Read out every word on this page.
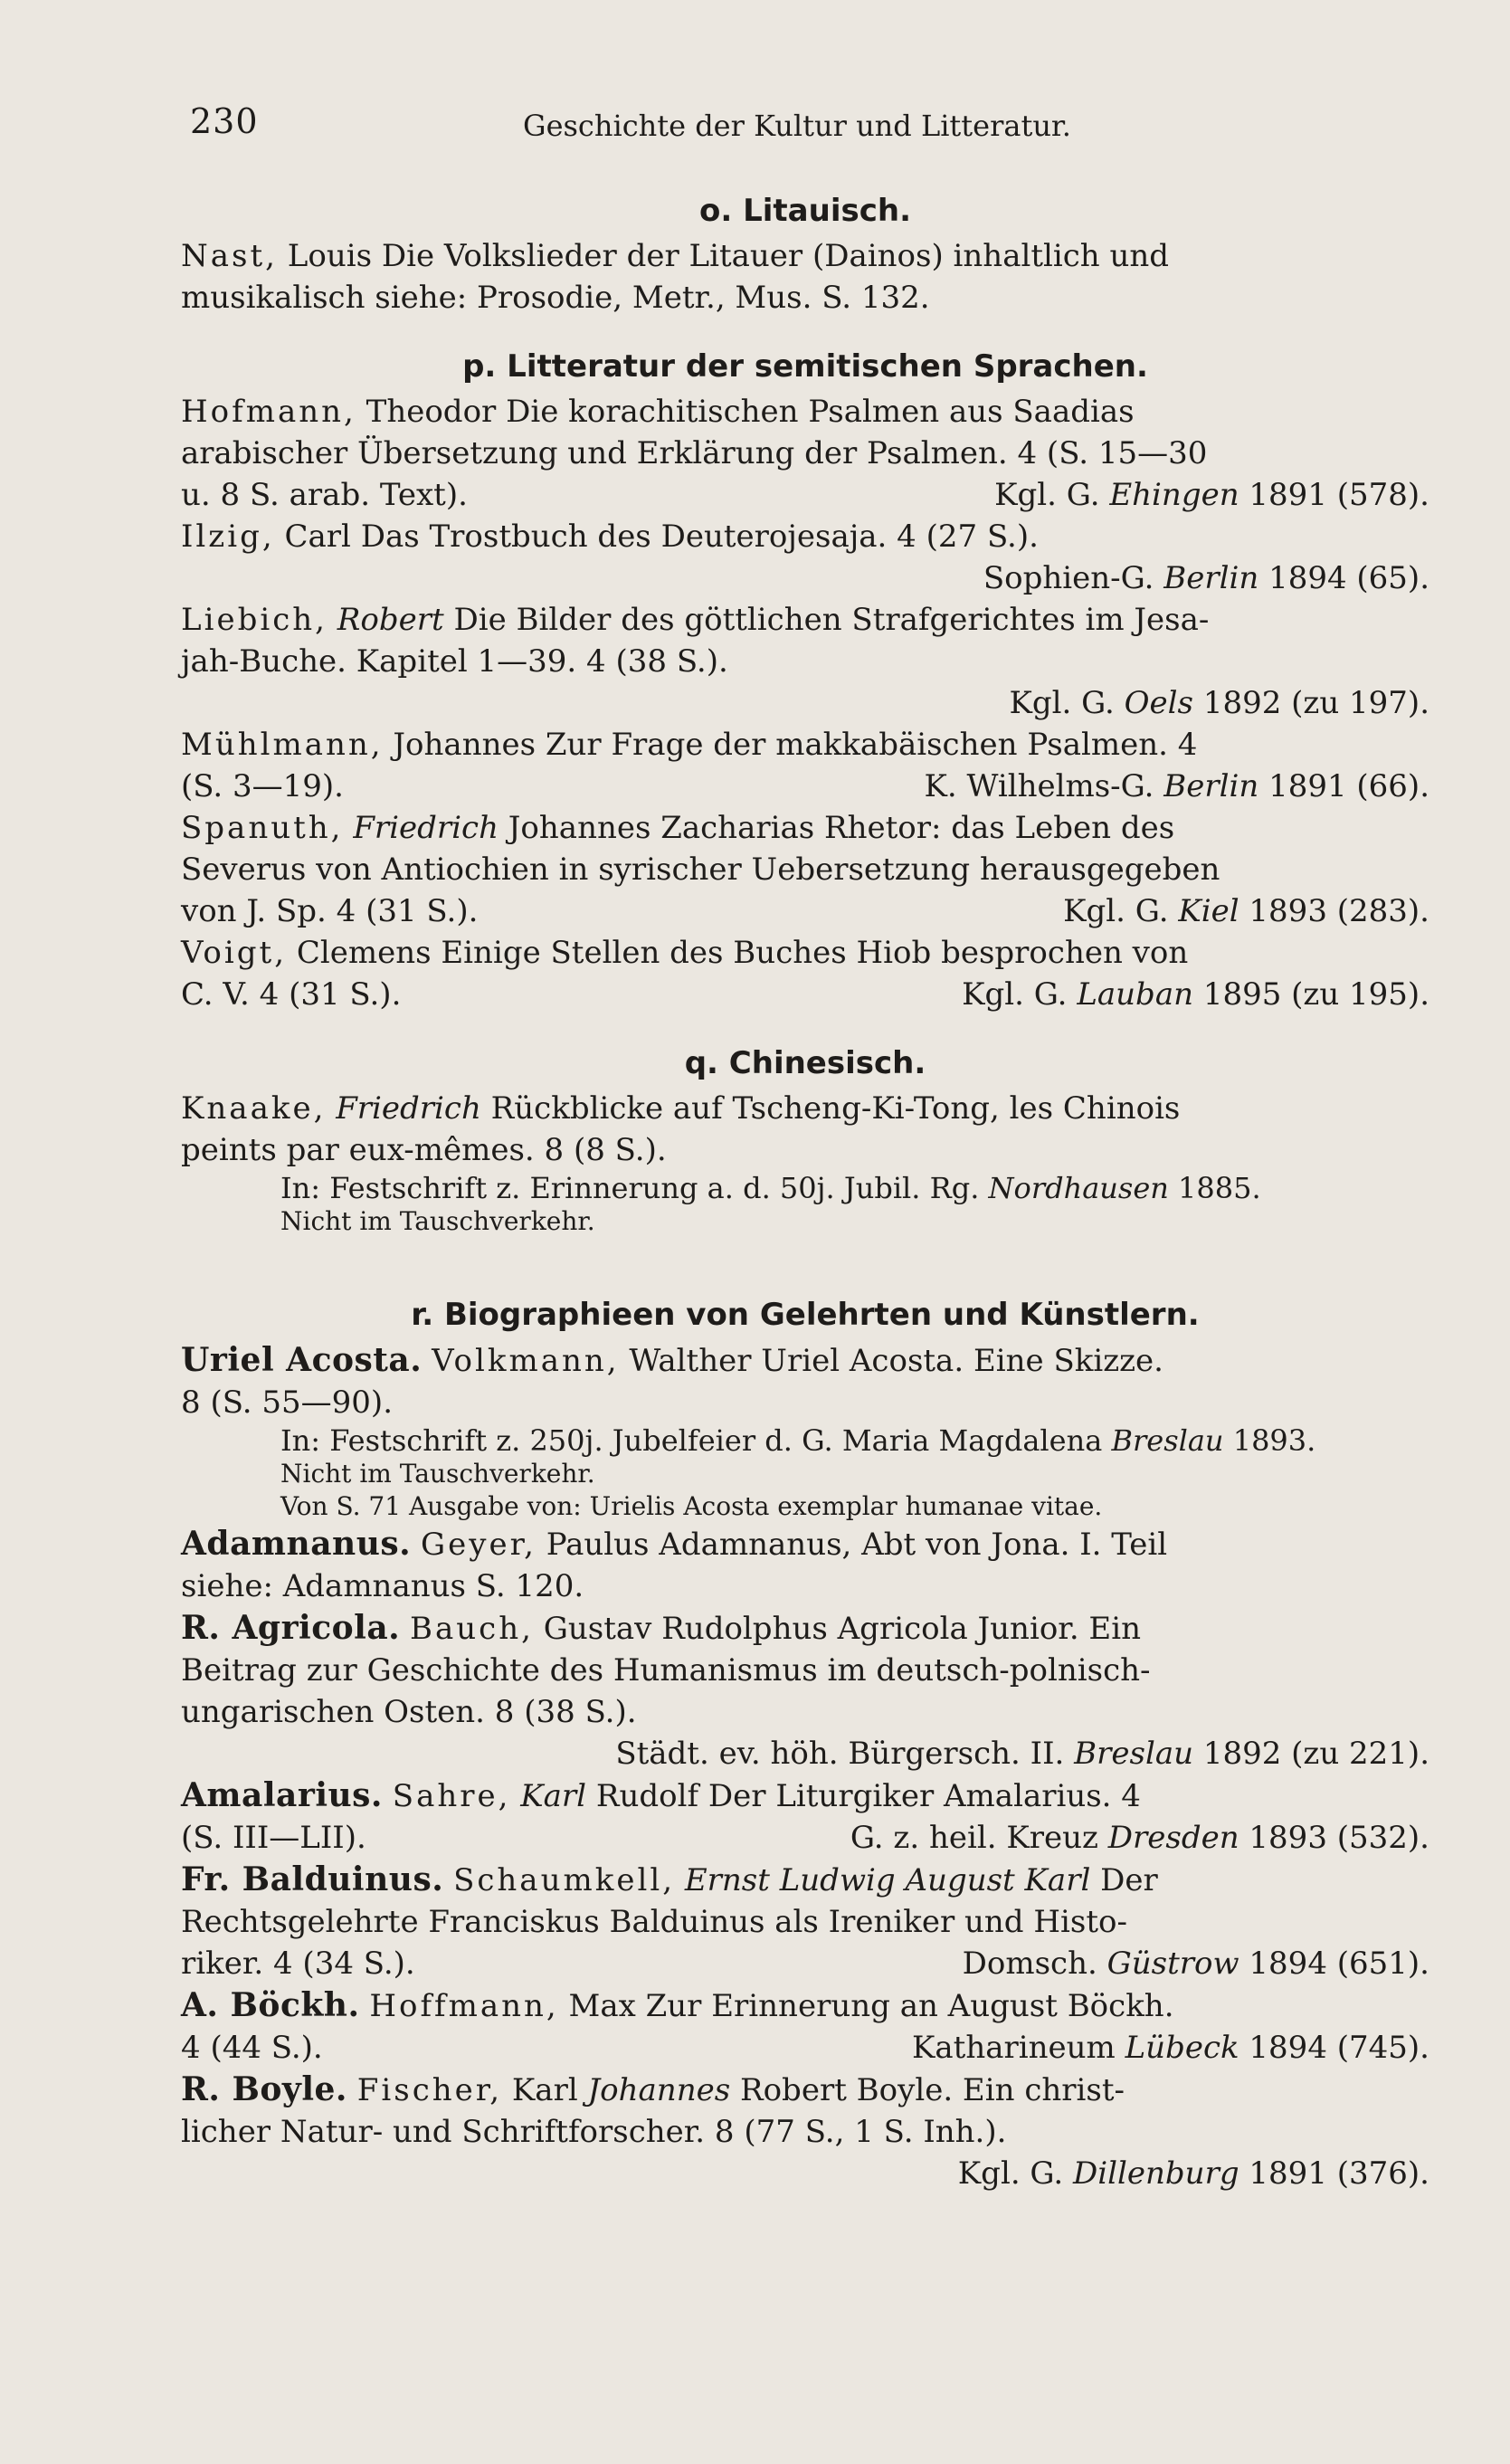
230	Geschichte der Kultur und Litteratur.
o. Litauisch.
Nast, Louis Die Volkslieder der Litauer (Dainos) inhaltlich und
musikalisch siehe: Prosodie, Metr., Mus. S. 132.
p. Litteratur der semitischen Sprachen.
Hofmann, Theodor Die korachitischen Psalmen aus Saadias
arabischer Übersetzung und Erklärung der Psalmen. 4 (S. 15—30
u. 8 S. arab. Text).	Kgl. G. Ehingen 1891 (578).
Ilzig, Carl Das Trostbuch des Deuterojesaja. 4 (27 S.).
Sophien-G. Berlin 1894 (65).

Liebich, Robert Die Bilder des göttlichen Strafgerichtes im Jesa-
jah-Buche. Kapitel 1—39. 4 (38 S.).
Kgl. G. Oels 1892 (zu 197).

Mühlmann, Johannes Zur Frage der makkabäischen Psalmen. 4
(S. 3—19).	K. Wilhelms-G. Berlin 1891 (66).
Spanuth, Friedrich Johannes Zacharias Rhetor: das Leben des
Severus von Antiochien in syrischer Uebersetzung herausgegeben
von J. Sp. 4 (31 S.).	Kgl. G. Kiel 1893 (283).
Voigt, Clemens Einige Stellen des Buches Hiob besprochen von
C. V. 4 (31 S.).	Kgl. G. Lauban 1895 (zu 195).
q. Chinesisch.
Knaake, Friedrich Rückblicke auf Tscheng-Ki-Tong, les Chinois
peints par eux-mêmes. 8 (8 S.).
In: Festschrift z. Erinnerung a. d. 50j. Jubil. Rg. Nordhausen 1885.
Nicht im Tauschverkehr.
r. Biographieen von Gelehrten und Künstlern.
Uriel Acosta. Volkmann, Walther Uriel Acosta. Eine Skizze.
8 (S. 55—90).
In: Festschrift z. 250j. Jubelfeier d. G. Maria Magdalena Breslau 1893.
Nicht im Tauschverkehr.
Von S. 71 Ausgabe von: Urielis Acosta exemplar humanae vitae.
Adamnanus. Geyer, Paulus Adamnanus, Abt von Jona. I. Teil
siehe: Adamnanus S. 120.
R. Agricola. Bauch, Gustav Rudolphus Agricola Junior. Ein
Beitrag zur Geschichte des Humanismus im deutsch-polnisch-
ungarischen Osten. 8 (38 S.).
Städt. ev. höh. Bürgersch. II. Breslau 1892 (zu 221).

Amalarius. Sahre, Karl Rudolf Der Liturgiker Amalarius. 4
(S. III—LII).	G. z. heil. Kreuz Dresden 1893 (532).
Fr. Balduinus. Schaumkell, Ernst Ludwig August Karl Der
Rechtsgelehrte Franciskus Balduinus als Ireniker und Histo-
riker. 4 (34 S.).	Domsch. Güstrow 1894 (651).
A. Böckh. Hoffmann, Max Zur Erinnerung an August Böckh.
4 (44 S.).	Katharineum Lübeck 1894 (745).
R. Boyle. Fischer, Karl Johannes Robert Boyle. Ein christ-
licher Natur- und Schriftforscher. 8 (77 S., 1 S. Inh.).
Kgl. G. Dillenburg 1891 (376).
